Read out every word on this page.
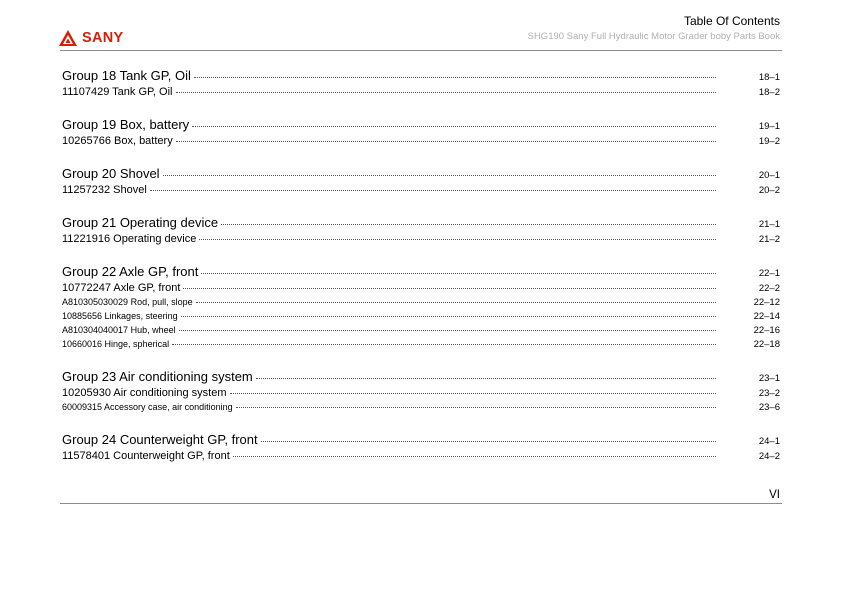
SANY
Table Of Contents
SHG190 Sany Full Hydraulic Motor Grader boby Parts Book
Group 18 Tank GP, Oil	18–1
11107429 Tank GP, Oil	18–2
Group 19 Box, battery	19–1
10265766 Box, battery	19–2
Group 20 Shovel	20–1
11257232 Shovel	20–2
Group 21 Operating device	21–1
11221916 Operating device	21–2
Group 22 Axle GP, front	22–1
10772247 Axle GP, front	22–2
A810305030029 Rod, pull, slope	22–12
10885656 Linkages, steering	22–14
A810304040017 Hub, wheel	22–16
10660016 Hinge, spherical	22–18
Group 23 Air conditioning system	23–1
10205930 Air conditioning system	23–2
60009315 Accessory case, air conditioning	23–6
Group 24 Counterweight GP, front	24–1
11578401 Counterweight GP, front	24–2
VI
